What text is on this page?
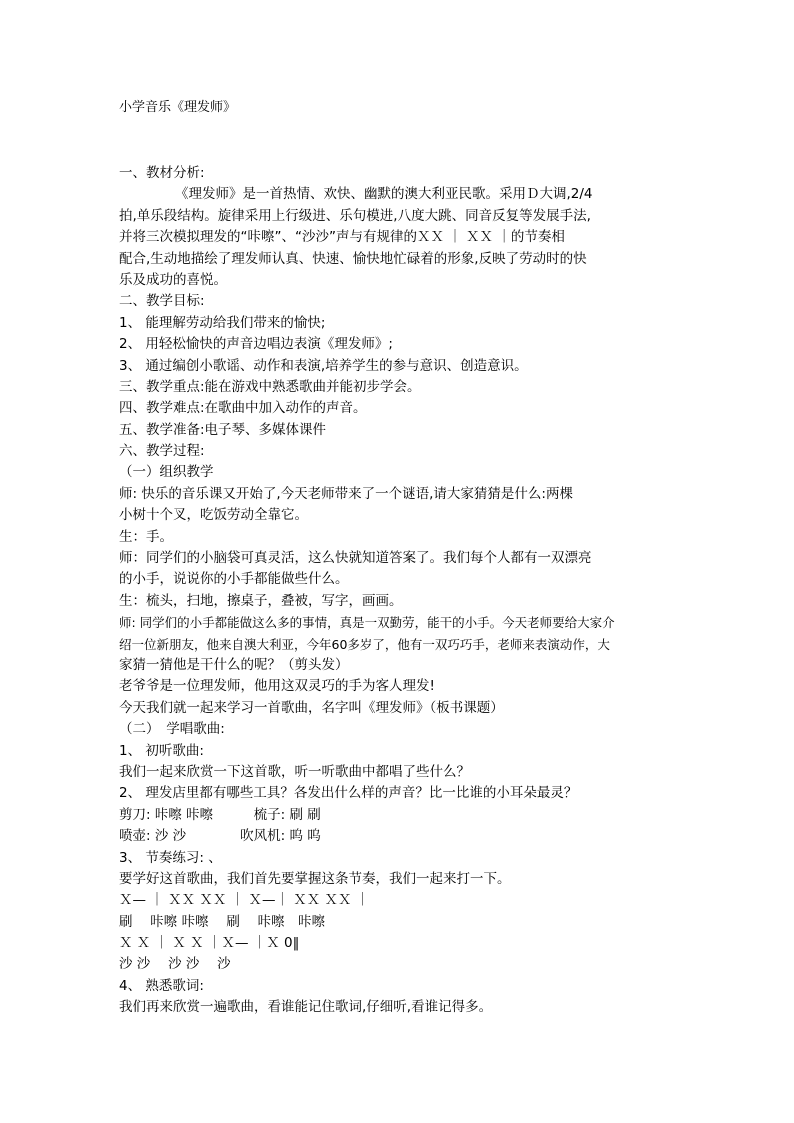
小学音乐《理发师》
一、教材分析:
《理发师》是一首热情、欢快、幽默的澳大利亚民歌。采用Ｄ大调,2/4
拍,单乐段结构。旋律采用上行级进、乐句模进,八度大跳、同音反复等发展手法,
并将三次模拟理发的“咔嚓”、“沙沙”声与有规律的ＸＸ ｜ ＸＸ ｜的节奏相
配合,生动地描绘了理发师认真、快速、愉快地忙碌着的形象,反映了劳动时的快
乐及成功的喜悦。
二、教学目标:
1、 能理解劳动给我们带来的愉快;
2、 用轻松愉快的声音边唱边表演《理发师》;
3、 通过编创小歌谣、动作和表演,培养学生的参与意识、创造意识。
三、教学重点:能在游戏中熟悉歌曲并能初步学会。
四、教学难点:在歌曲中加入动作的声音。
五、教学准备:电子琴、多媒体课件
六、教学过程:
（一）组织教学
师: 快乐的音乐课又开始了,今天老师带来了一个谜语,请大家猜猜是什么:两棵
小树十个叉，吃饭劳动全靠它。
生：手。
师：同学们的小脑袋可真灵活，这么快就知道答案了。我们每个人都有一双漂亮
的小手，说说你的小手都能做些什么。
生：梳头，扫地，擦桌子，叠被，写字，画画。
师: 同学们的小手都能做这么多的事情，真是一双勤劳，能干的小手。今天老师要给大家介
绍一位新朋友，他来自澳大利亚，今年60多岁了，他有一双巧巧手，老师来表演动作，大
家猜一猜他是干什么的呢？（剪头发）
老爷爷是一位理发师，他用这双灵巧的手为客人理发!
今天我们就一起来学习一首歌曲，名字叫《理发师》（板书课题）
（二）　学唱歌曲:
1、 初听歌曲:
我们一起来欣赏一下这首歌，听一听歌曲中都唱了些什么？
2、 理发店里都有哪些工具？各发出什么样的声音？比一比谁的小耳朵最灵？
剪刀: 咔嚓 咔嚓　　　梳子: 刷 刷
喷壶: 沙 沙　　　　吹风机: 呜 呜
3、 节奏练习: 、
要学好这首歌曲，我们首先要掌握这条节奏，我们一起来打一下。
Ｘ— ｜ ＸＸ ＸＸ ｜ Ｘ—｜ ＸＸ ＸＸ ｜
刷　 咔嚓 咔嚓　 刷　 咔嚓　咔嚓
Ｘ Ｘ ｜ Ｘ Ｘ ｜Ｘ— ｜Ｘ 0‖
沙 沙　 沙 沙　 沙
4、 熟悉歌词:
我们再来欣赏一遍歌曲，看谁能记住歌词,仔细听,看谁记得多。
